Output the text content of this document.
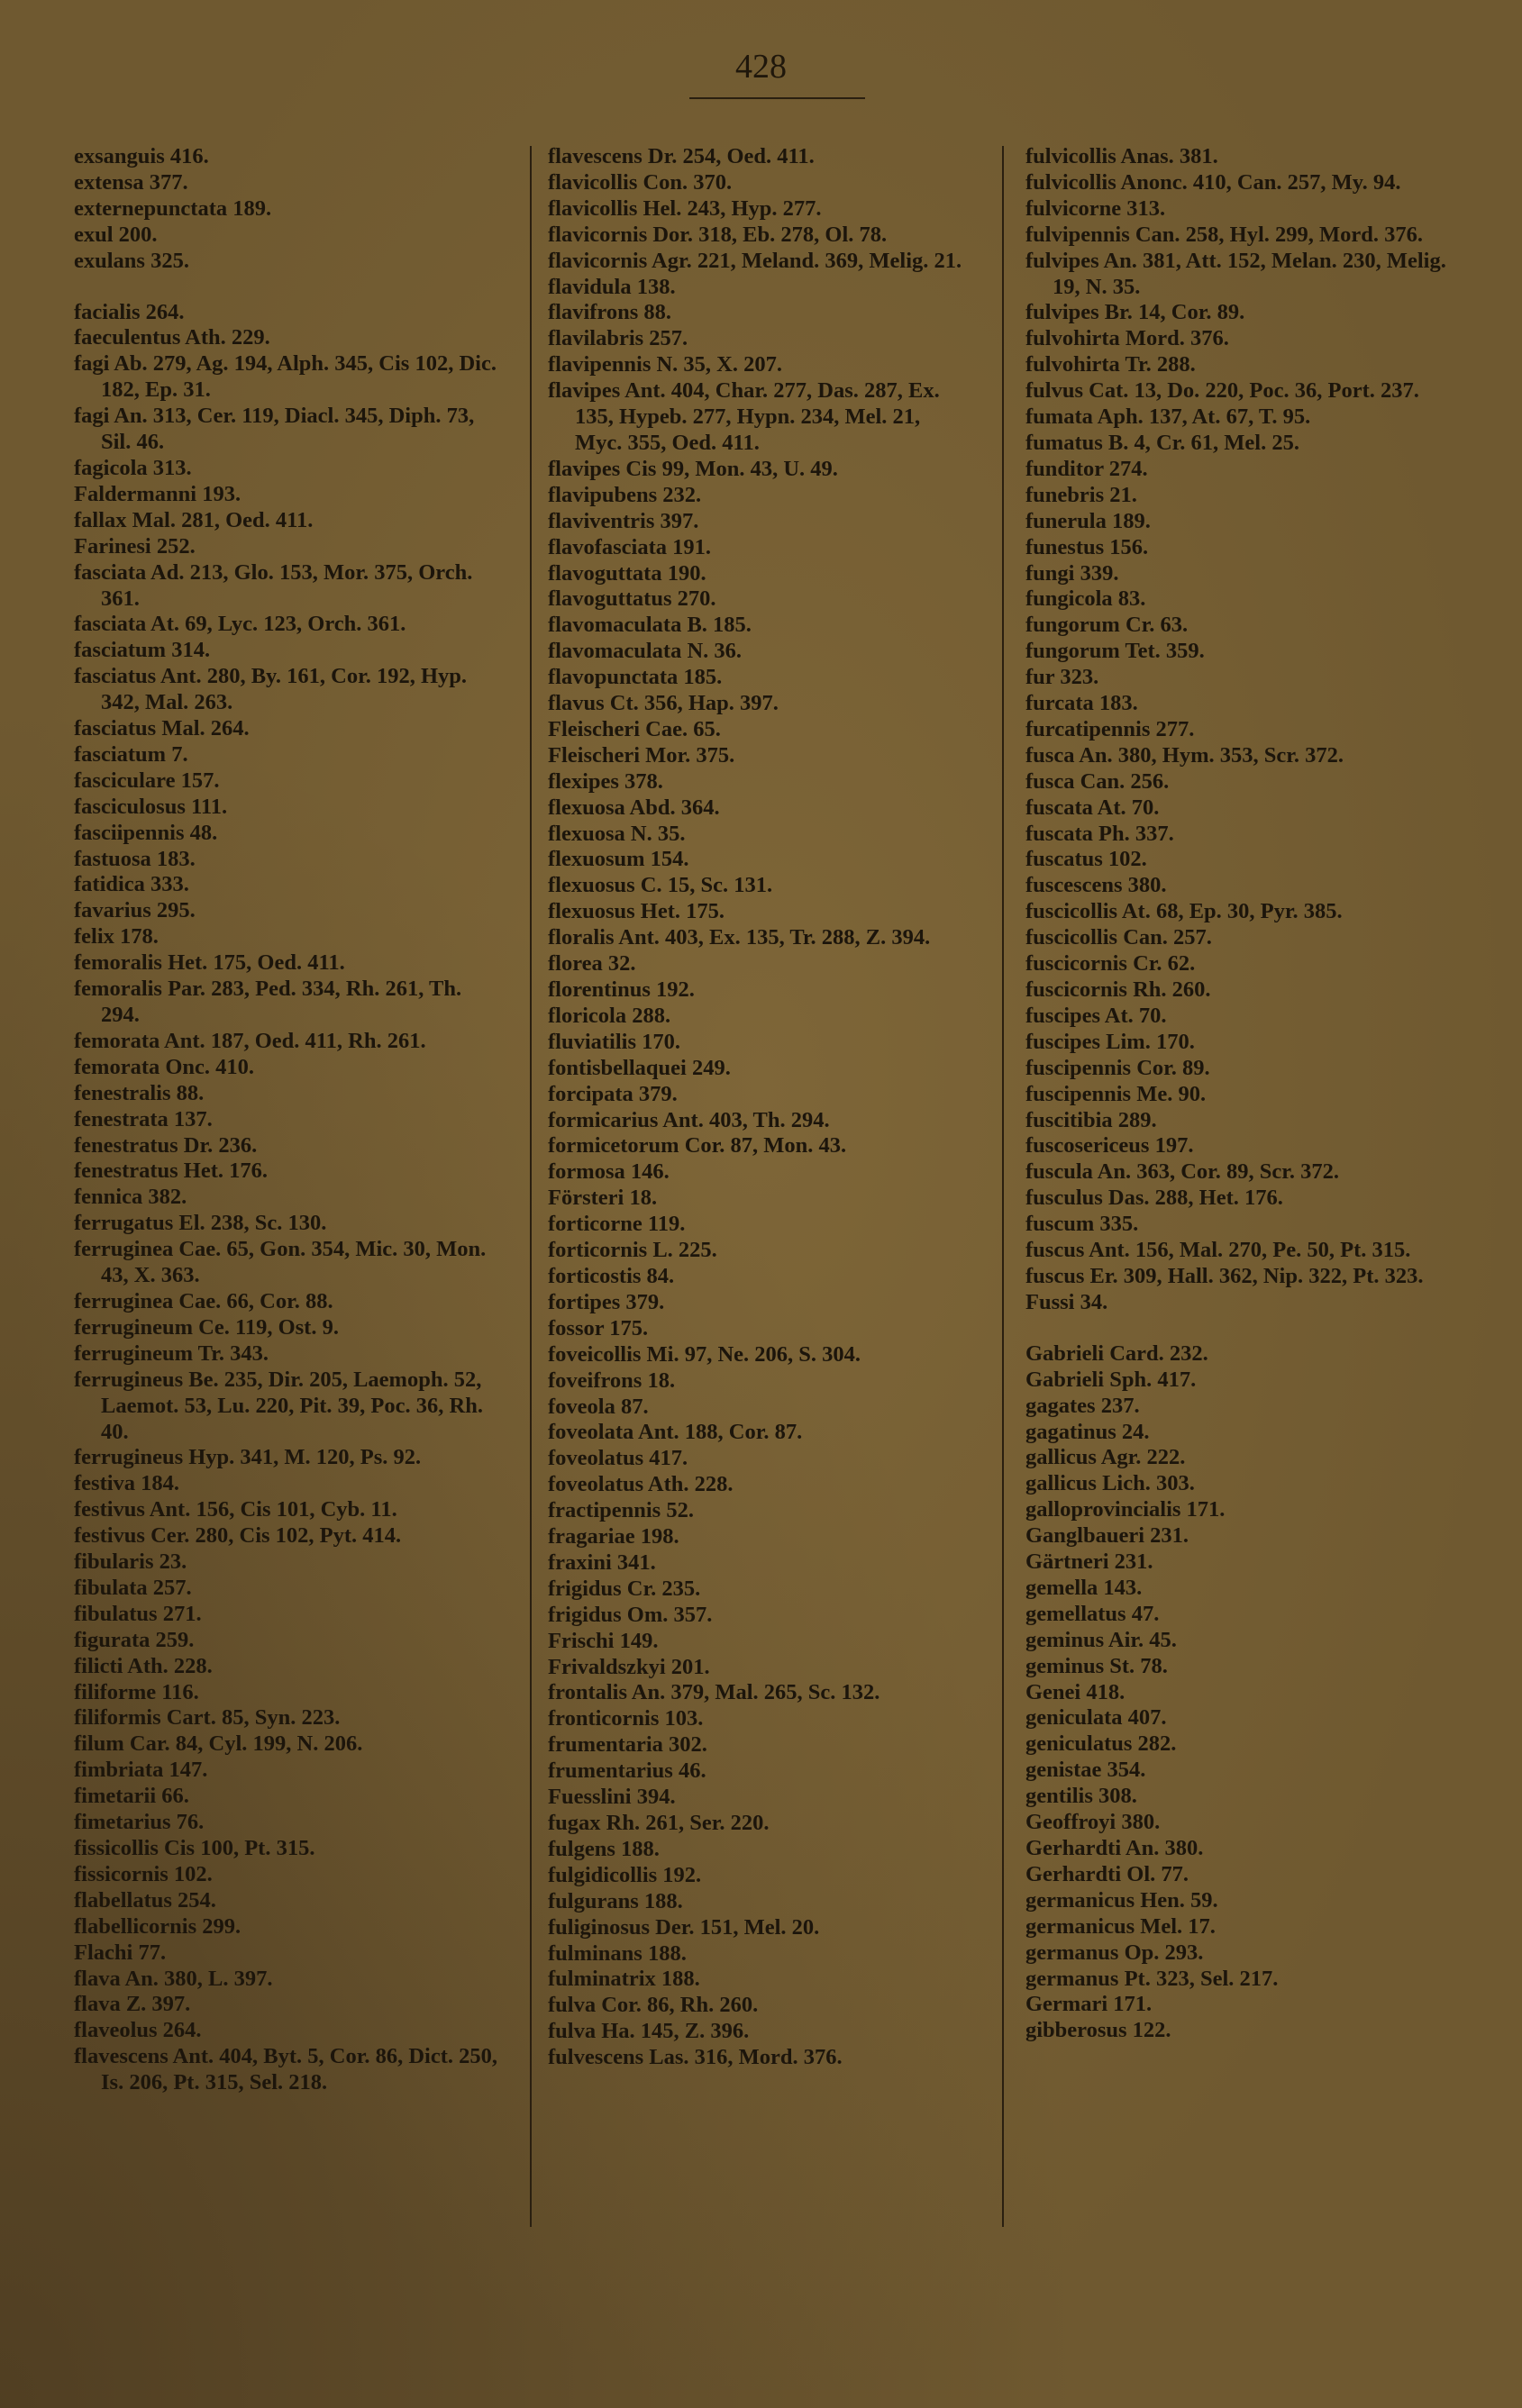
428
exsanguis 416.
extensa 377.
externepunctata 189.
exul 200.
exulans 325.
facialis 264.
faeculentus Ath. 229.
fagi Ab. 279, Ag. 194, Alph. 345, Cis 102, Dic. 182, Ep. 31.
fagi An. 313, Cer. 119, Diacl. 345, Diph. 73, Sil. 46.
fagicola 313.
Faldermanni 193.
fallax Mal. 281, Oed. 411.
Farinesi 252.
fasciata Ad. 213, Glo. 153, Mor. 375, Orch. 361.
fasciata At. 69, Lyc. 123, Orch. 361.
fasciatum 314.
fasciatus Ant. 280, By. 161, Cor. 192, Hyp. 342, Mal. 263.
fasciatus Mal. 264.
fasciatum 7.
fasciculare 157.
fasciculosus 111.
fasciipennis 48.
fastuosa 183.
fatidica 333.
favarius 295.
felix 178.
femoralis Het. 175, Oed. 411.
femoralis Par. 283, Ped. 334, Rh. 261, Th. 294.
femorata Ant. 187, Oed. 411, Rh. 261.
femorata Onc. 410.
fenestralis 88.
fenestrata 137.
fenestratus Dr. 236.
fenestratus Het. 176.
fennica 382.
ferrugatus El. 238, Sc. 130.
ferruginea Cae. 65, Gon. 354, Mic. 30, Mon. 43, X. 363.
ferruginea Cae. 66, Cor. 88.
ferrugineum Ce. 119, Ost. 9.
ferrugineum Tr. 343.
ferrugineus Be. 235, Dir. 205, Laemoph. 52, Laemot. 53, Lu. 220, Pit. 39, Poc. 36, Rh. 40.
ferrugineus Hyp. 341, M. 120, Ps. 92.
festiva 184.
festivus Ant. 156, Cis 101, Cyb. 11.
festivus Cer. 280, Cis 102, Pyt. 414.
fibularis 23.
fibulata 257.
fibulatus 271.
figurata 259.
filicti Ath. 228.
filiforme 116.
filiformis Cart. 85, Syn. 223.
filum Car. 84, Cyl. 199, N. 206.
fimbriata 147.
fimetarii 66.
fimetarius 76.
fissicollis Cis 100, Pt. 315.
fissicornis 102.
flabellatus 254.
flabellicornis 299.
Flachi 77.
flava An. 380, L. 397.
flava Z. 397.
flaveolus 264.
flavescens Ant. 404, Byt. 5, Cor. 86, Dict. 250, Is. 206, Pt. 315, Sel. 218.
flavescens Dr. 254, Oed. 411.
flavicollis Con. 370.
flavicollis Hel. 243, Hyp. 277.
flavicornis Dor. 318, Eb. 278, Ol. 78.
flavicornis Agr. 221, Meland. 369, Melig. 21.
flavidula 138.
flavifrons 88.
flavilabris 257.
flavipennis N. 35, X. 207.
flavipes Ant. 404, Char. 277, Das. 287, Ex. 135, Hypeb. 277, Hypn. 234, Mel. 21, Myc. 355, Oed. 411.
flavipes Cis 99, Mon. 43, U. 49.
flavipubens 232.
flaviventris 397.
flavofasciata 191.
flavoguttata 190.
flavoguttatus 270.
flavomaculata B. 185.
flavomaculata N. 36.
flavopunctata 185.
flavus Ct. 356, Hap. 397.
Fleischeri Cae. 65.
Fleischeri Mor. 375.
flexipes 378.
flexuosa Abd. 364.
flexuosa N. 35.
flexuosum 154.
flexuosus C. 15, Sc. 131.
flexuosus Het. 175.
floralis Ant. 403, Ex. 135, Tr. 288, Z. 394.
florea 32.
florentinus 192.
floricola 288.
fluviatilis 170.
fontisbellaquei 249.
forcipata 379.
formicarius Ant. 403, Th. 294.
formicetorum Cor. 87, Mon. 43.
formosa 146.
Försteri 18.
forticorne 119.
forticornis L. 225.
forticostis 84.
fortipes 379.
fossor 175.
foveicollis Mi. 97, Ne. 206, S. 304.
foveifrons 18.
foveola 87.
foveolata Ant. 188, Cor. 87.
foveolatus 417.
foveolatus Ath. 228.
fractipennis 52.
fragariae 198.
fraxini 341.
frigidus Cr. 235.
frigidus Om. 357.
Frischi 149.
Frivaldszkyi 201.
frontalis An. 379, Mal. 265, Sc. 132.
fronticornis 103.
frumentaria 302.
frumentarius 46.
Fuesslini 394.
fugax Rh. 261, Ser. 220.
fulgens 188.
fulgidicollis 192.
fulgurans 188.
fuliginosus Der. 151, Mel. 20.
fulminans 188.
fulminatrix 188.
fulva Cor. 86, Rh. 260.
fulva Ha. 145, Z. 396.
fulvescens Las. 316, Mord. 376.
fulvicollis Anas. 381.
fulvicollis Anonc. 410, Can. 257, My. 94.
fulvicorne 313.
fulvipennis Can. 258, Hyl. 299, Mord. 376.
fulvipes An. 381, Att. 152, Melan. 230, Melig. 19, N. 35.
fulvipes Br. 14, Cor. 89.
fulvohirta Mord. 376.
fulvohirta Tr. 288.
fulvus Cat. 13, Do. 220, Poc. 36, Port. 237.
fumata Aph. 137, At. 67, T. 95.
fumatus B. 4, Cr. 61, Mel. 25.
funditor 274.
funebris 21.
funerula 189.
funestus 156.
fungi 339.
fungicola 83.
fungorum Cr. 63.
fungorum Tet. 359.
fur 323.
furcata 183.
furcatipennis 277.
fusca An. 380, Hym. 353, Scr. 372.
fusca Can. 256.
fuscata At. 70.
fuscata Ph. 337.
fuscatus 102.
fuscescens 380.
fuscicollis At. 68, Ep. 30, Pyr. 385.
fuscicollis Can. 257.
fuscicornis Cr. 62.
fuscicornis Rh. 260.
fuscipes At. 70.
fuscipes Lim. 170.
fuscipennis Cor. 89.
fuscipennis Me. 90.
fuscitibia 289.
fuscosericeus 197.
fuscula An. 363, Cor. 89, Scr. 372.
fusculus Das. 288, Het. 176.
fuscum 335.
fuscus Ant. 156, Mal. 270, Pe. 50, Pt. 315.
fuscus Er. 309, Hall. 362, Nip. 322, Pt. 323.
Fussi 34.
Gabrieli Card. 232.
Gabrieli Sph. 417.
gagates 237.
gagatinus 24.
gallicus Agr. 222.
gallicus Lich. 303.
galloprovincialis 171.
Ganglbaueri 231.
Gärtneri 231.
gemella 143.
gemellatus 47.
geminus Air. 45.
geminus St. 78.
Genei 418.
geniculata 407.
geniculatus 282.
genistae 354.
gentilis 308.
Geoffroyi 380.
Gerhardti An. 380.
Gerhardti Ol. 77.
germanicus Hen. 59.
germanicus Mel. 17.
germanus Op. 293.
germanus Pt. 323, Sel. 217.
Germari 171.
gibberosus 122.
